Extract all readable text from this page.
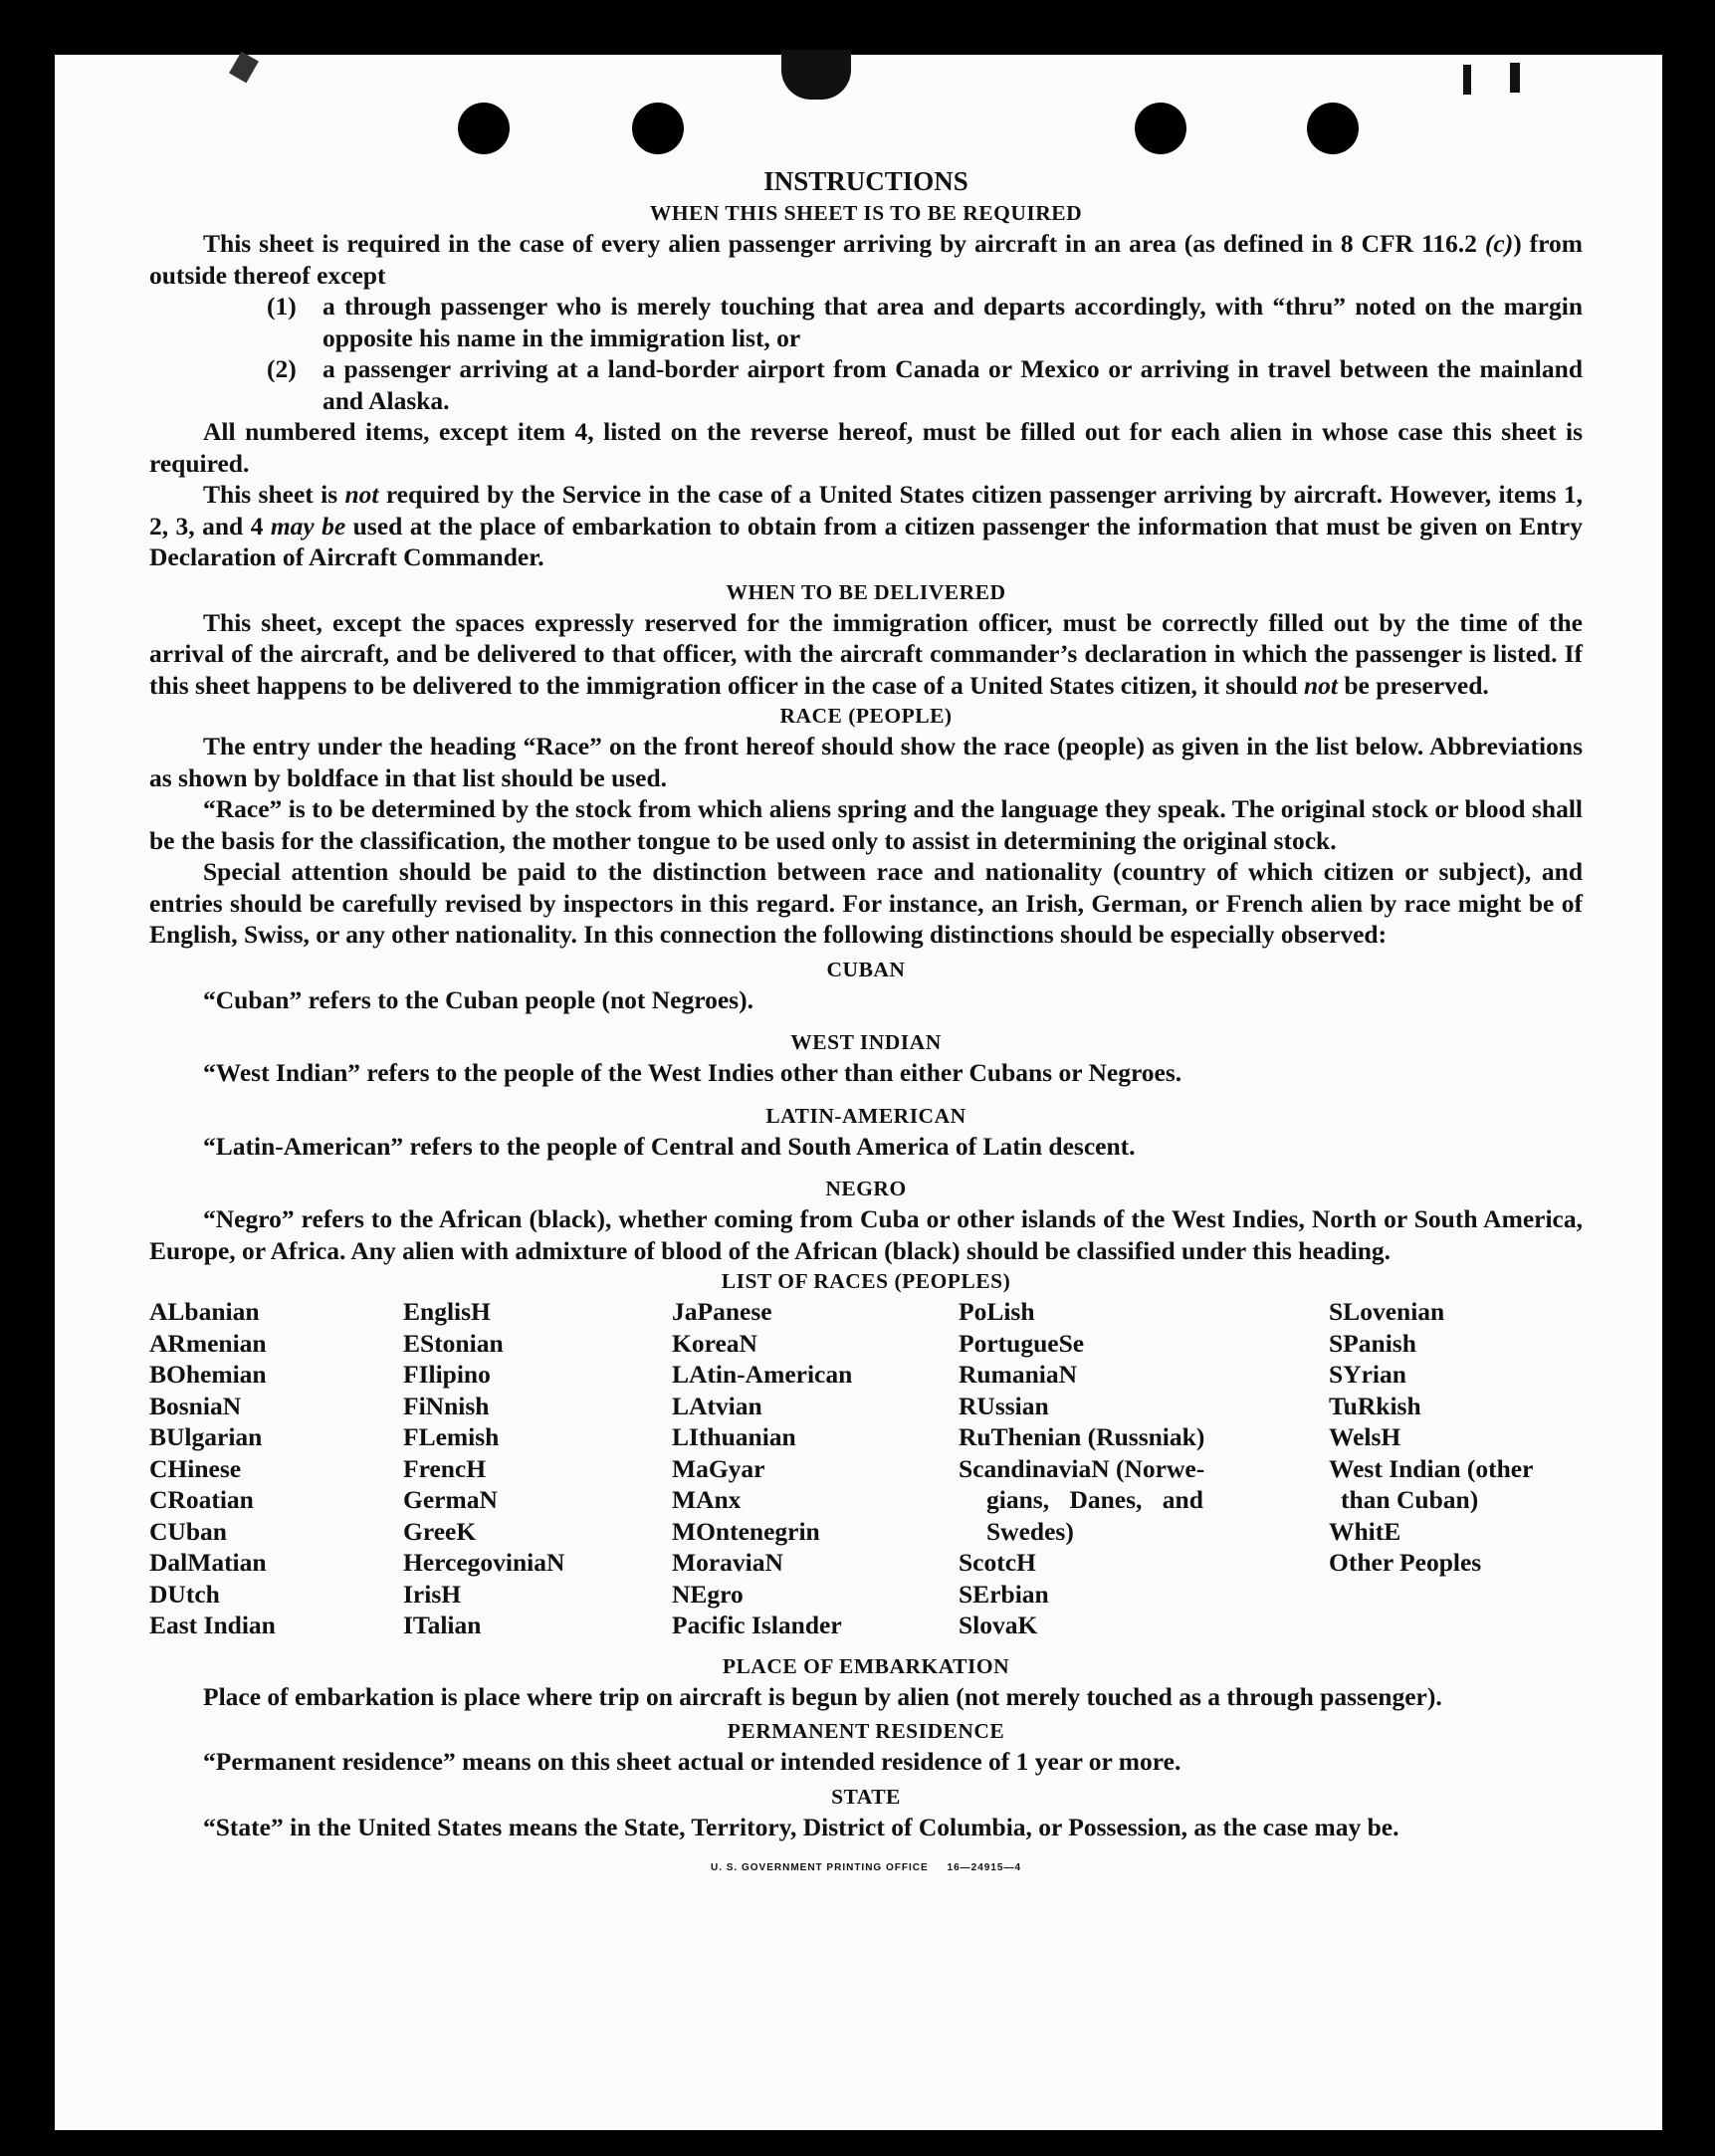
INSTRUCTIONS
WHEN THIS SHEET IS TO BE REQUIRED

This sheet is required in the case of every alien passenger arriving by aircraft in an area (as defined in 8 CFR 116.2 (c)) from outside thereof except

(1)	a through passenger who is merely touching that area and departs accordingly, with “thru” noted on the margin opposite his name in the immigration list, or
(2)	a passenger arriving at a land-border airport from Canada or Mexico or arriving in travel between the mainland and Alaska.

All numbered items, except item 4, listed on the reverse hereof, must be filled out for each alien in whose case this sheet is required.

This sheet is not required by the Service in the case of a United States citizen passenger arriving by aircraft. However, items 1, 2, 3, and 4 may be used at the place of embarkation to obtain from a citizen passenger the information that must be given on Entry Declaration of Aircraft Commander.

WHEN TO BE DELIVERED

This sheet, except the spaces expressly reserved for the immigration officer, must be correctly filled out by the time of the arrival of the aircraft, and be delivered to that officer, with the aircraft commander’s declaration in which the passenger is listed. If this sheet happens to be delivered to the immigration officer in the case of a United States citizen, it should not be preserved.

RACE (PEOPLE)

The entry under the heading “Race” on the front hereof should show the race (people) as given in the list below. Abbreviations as shown by boldface in that list should be used.

“Race” is to be determined by the stock from which aliens spring and the language they speak. The original stock or blood shall be the basis for the classification, the mother tongue to be used only to assist in determining the original stock.

Special attention should be paid to the distinction between race and nationality (country of which citizen or subject), and entries should be carefully revised by inspectors in this regard. For instance, an Irish, German, or French alien by race might be of English, Swiss, or any other nationality. In this connection the following distinctions should be especially observed:

CUBAN

“Cuban” refers to the Cuban people (not Negroes).

WEST INDIAN

“West Indian” refers to the people of the West Indies other than either Cubans or Negroes.

LATIN-AMERICAN

“Latin-American” refers to the people of Central and South America of Latin descent.

NEGRO

“Negro” refers to the African (black), whether coming from Cuba or other islands of the West Indies, North or South America, Europe, or Africa. Any alien with admixture of blood of the African (black) should be classified under this heading.

LIST OF RACES (PEOPLES)
ALbanian
ARmenian
BOhemian
BosniaN
BUlgarian
CHinese
CRoatian
CUban
DalMatian
DUtch
East Indian
EnglisH
EStonian
FIlipino
FiNnish
FLemish
FrencH
GermaN
GreeK
HercegoviniaN
IrisH
ITalian
JaPanese
KoreaN
LAtin-American
LAtvian
LIthuanian
MaGyar
MAnx
MOntenegrin
MoraviaN
NEgro
Pacific Islander
PoLish
PortugueSe
RumaniaN
RUssian
RuThenian (Russniak)
ScandinaviaN (Norwe-
gians, Danes, and
Swedes)
ScotcH
SErbian
SlovaK
SLovenian
SPanish
SYrian
TuRkish
WelsH
West Indian (other
than Cuban)
WhitE
Other Peoples
PLACE OF EMBARKATION

Place of embarkation is place where trip on aircraft is begun by alien (not merely touched as a through passenger).

PERMANENT RESIDENCE

“Permanent residence” means on this sheet actual or intended residence of 1 year or more.

STATE

“State” in the United States means the State, Territory, District of Columbia, or Possession, as the case may be.

U. S. GOVERNMENT PRINTING OFFICE     16—24915—4
